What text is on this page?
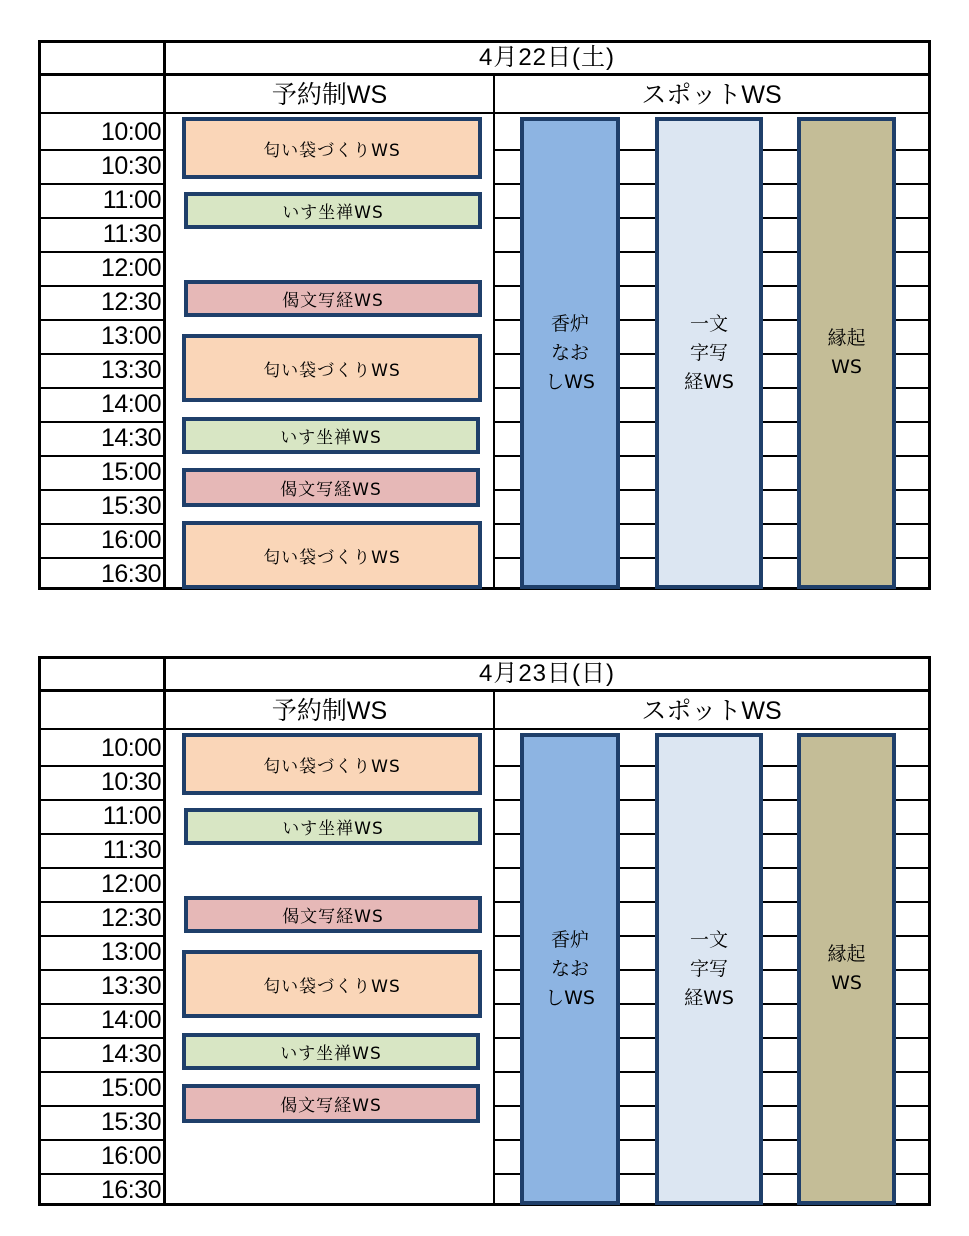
4月22日(土)
予約制WS	スポットWS
10:00
10:30
11:00
11:30
12:00
12:30
13:00
13:30
14:00
14:30
15:00
15:30
16:00
16:30
匂い袋づくりWS
いす坐禅WS
偈文写経WS
匂い袋づくりWS
いす坐禅WS
偈文写経WS
匂い袋づくりWS
香炉
なお
しWS
一文
字写
経WS
縁起
WS
4月23日(日)
予約制WS	スポットWS
10:00
10:30
11:00
11:30
12:00
12:30
13:00
13:30
14:00
14:30
15:00
15:30
16:00
16:30
匂い袋づくりWS
いす坐禅WS
偈文写経WS
匂い袋づくりWS
いす坐禅WS
偈文写経WS
香炉
なお
しWS
一文
字写
経WS
縁起
WS
